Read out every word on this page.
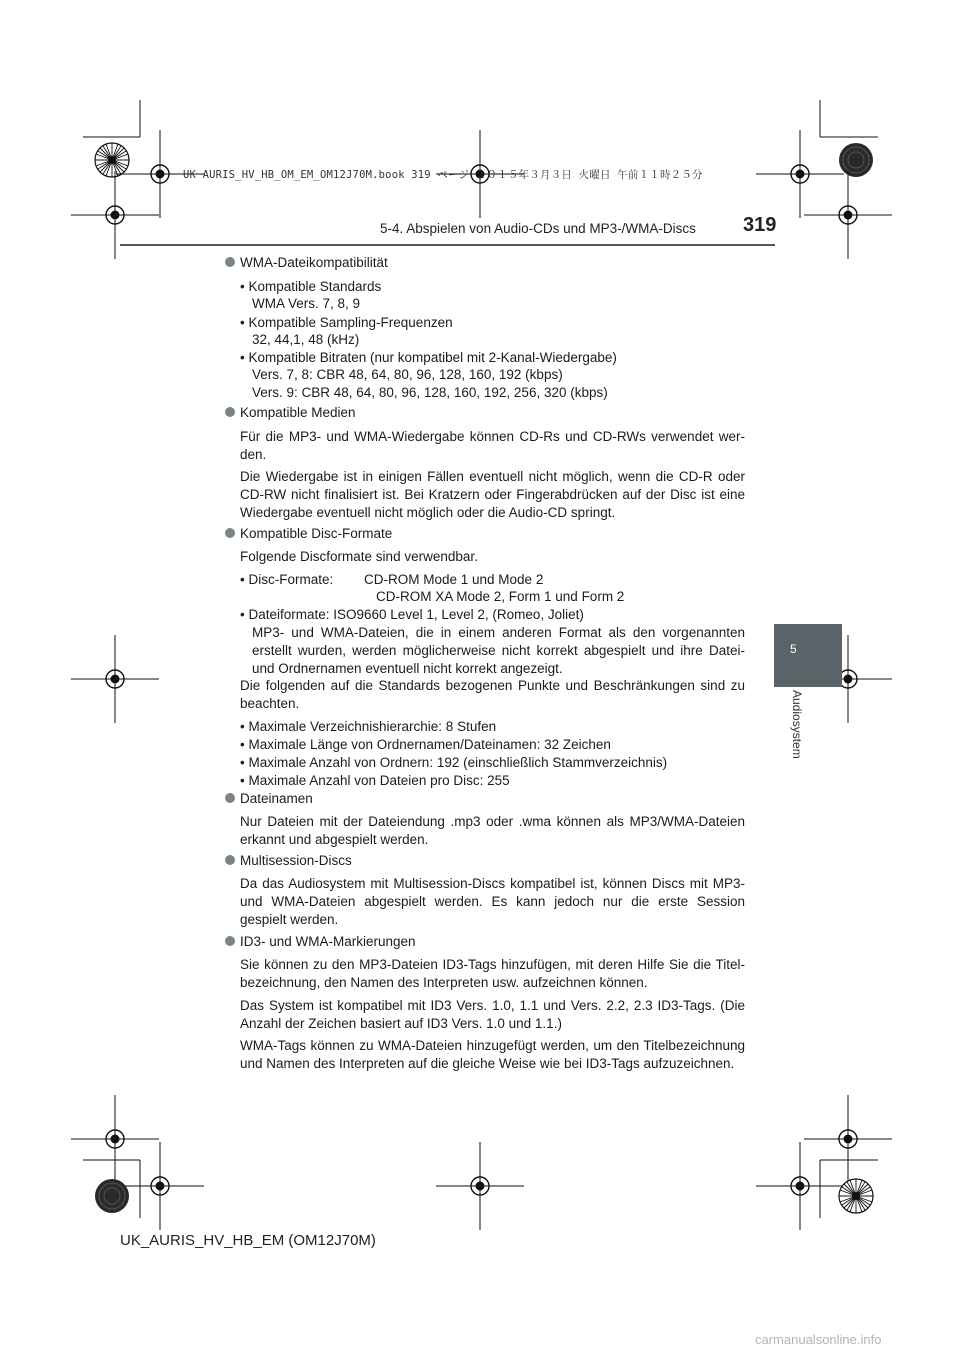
UK AURIS_HV_HB_OM_EM_OM12J70M.book 319 ページ ２０１５年３月３日 火曜日 午前１１時２５分
5-4. Abspielen von Audio-CDs und MP3-/WMA-Discs 319
5
Audiosystem
WMA-Dateikompatibilität
• Kompatible Standards
WMA Vers. 7, 8, 9
• Kompatible Sampling-Frequenzen
32, 44,1, 48 (kHz)
• Kompatible Bitraten (nur kompatibel mit 2-Kanal-Wiedergabe)
Vers. 7, 8: CBR 48, 64, 80, 96, 128, 160, 192 (kbps)
Vers. 9: CBR 48, 64, 80, 96, 128, 160, 192, 256, 320 (kbps)
Kompatible Medien
Für die MP3- und WMA-Wiedergabe können CD-Rs und CD-RWs verwendet wer-
den.
Die Wiedergabe ist in einigen Fällen eventuell nicht möglich, wenn die CD-R oder
CD-RW nicht finalisiert ist. Bei Kratzern oder Fingerabdrücken auf der Disc ist eine
Wiedergabe eventuell nicht möglich oder die Audio-CD springt.
Kompatible Disc-Formate
Folgende Discformate sind verwendbar.
• Disc-Formate: CD-ROM Mode 1 und Mode 2
CD-ROM XA Mode 2, Form 1 und Form 2
• Dateiformate: ISO9660 Level 1, Level 2, (Romeo, Joliet)
MP3- und WMA-Dateien, die in einem anderen Format als den vorgenannten
erstellt wurden, werden möglicherweise nicht korrekt abgespielt und ihre Datei-
und Ordnernamen eventuell nicht korrekt angezeigt.
Die folgenden auf die Standards bezogenen Punkte und Beschränkungen sind zu
beachten.
• Maximale Verzeichnishierarchie: 8 Stufen
• Maximale Länge von Ordnernamen/Dateinamen: 32 Zeichen
• Maximale Anzahl von Ordnern: 192 (einschließlich Stammverzeichnis)
• Maximale Anzahl von Dateien pro Disc: 255
Dateinamen
Nur Dateien mit der Dateiendung .mp3 oder .wma können als MP3/WMA-Dateien
erkannt und abgespielt werden.
Multisession-Discs
Da das Audiosystem mit Multisession-Discs kompatibel ist, können Discs mit MP3-
und WMA-Dateien abgespielt werden. Es kann jedoch nur die erste Session
gespielt werden.
ID3- und WMA-Markierungen
Sie können zu den MP3-Dateien ID3-Tags hinzufügen, mit deren Hilfe Sie die Titel-
bezeichnung, den Namen des Interpreten usw. aufzeichnen können.
Das System ist kompatibel mit ID3 Vers. 1.0, 1.1 und Vers. 2.2, 2.3 ID3-Tags. (Die
Anzahl der Zeichen basiert auf ID3 Vers. 1.0 und 1.1.)
WMA-Tags können zu WMA-Dateien hinzugefügt werden, um den Titelbezeichnung
und Namen des Interpreten auf die gleiche Weise wie bei ID3-Tags aufzuzeichnen.
UK_AURIS_HV_HB_EM (OM12J70M)
carmanualsonline.info
